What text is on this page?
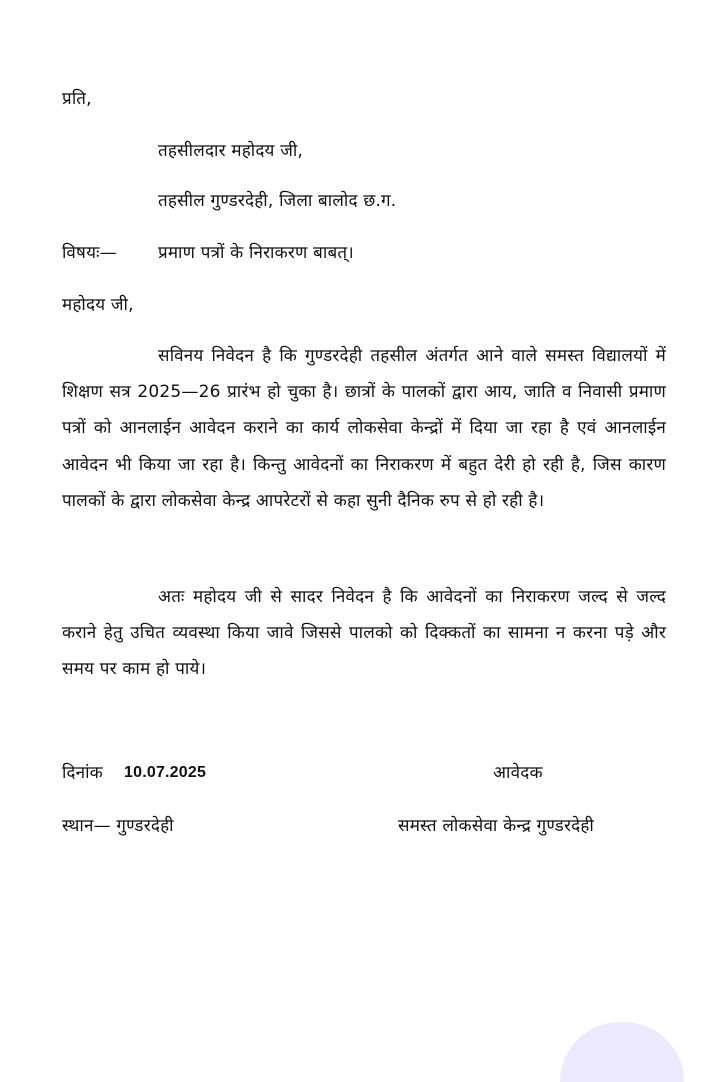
प्रति,
तहसीलदार महोदय जी,
तहसील गुण्डरदेही, जिला बालोद छ.ग.
विषयः— प्रमाण पत्रों के निराकरण बाबत्।
महोदय जी,
सविनय निवेदन है कि गुण्डरदेही तहसील अंतर्गत आने वाले समस्त विद्यालयों में शिक्षण सत्र 2025—26 प्रारंभ हो चुका है। छात्रों के पालकों द्वारा आय, जाति व निवासी प्रमाण पत्रों को आनलाईन आवेदन कराने का कार्य लोकसेवा केन्द्रों में दिया जा रहा है एवं आनलाईन आवेदन भी किया जा रहा है। किन्तु आवेदनों का निराकरण में बहुत देरी हो रही है, जिस कारण पालकों के द्वारा लोकसेवा केन्द्र आपरेटरों से कहा सुनी दैनिक रुप से हो रही है।
अतः महोदय जी से सादर निवेदन है कि आवेदनों का निराकरण जल्द से जल्द कराने हेतु उचित व्यवस्था किया जावे जिससे पालको को दिक्कतों का सामना न करना पड़े और समय पर काम हो पाये।
दिनांक 10.07.2025	आवेदक
स्थान— गुण्डरदेही	समस्त लोकसेवा केन्द्र गुण्डरदेही
